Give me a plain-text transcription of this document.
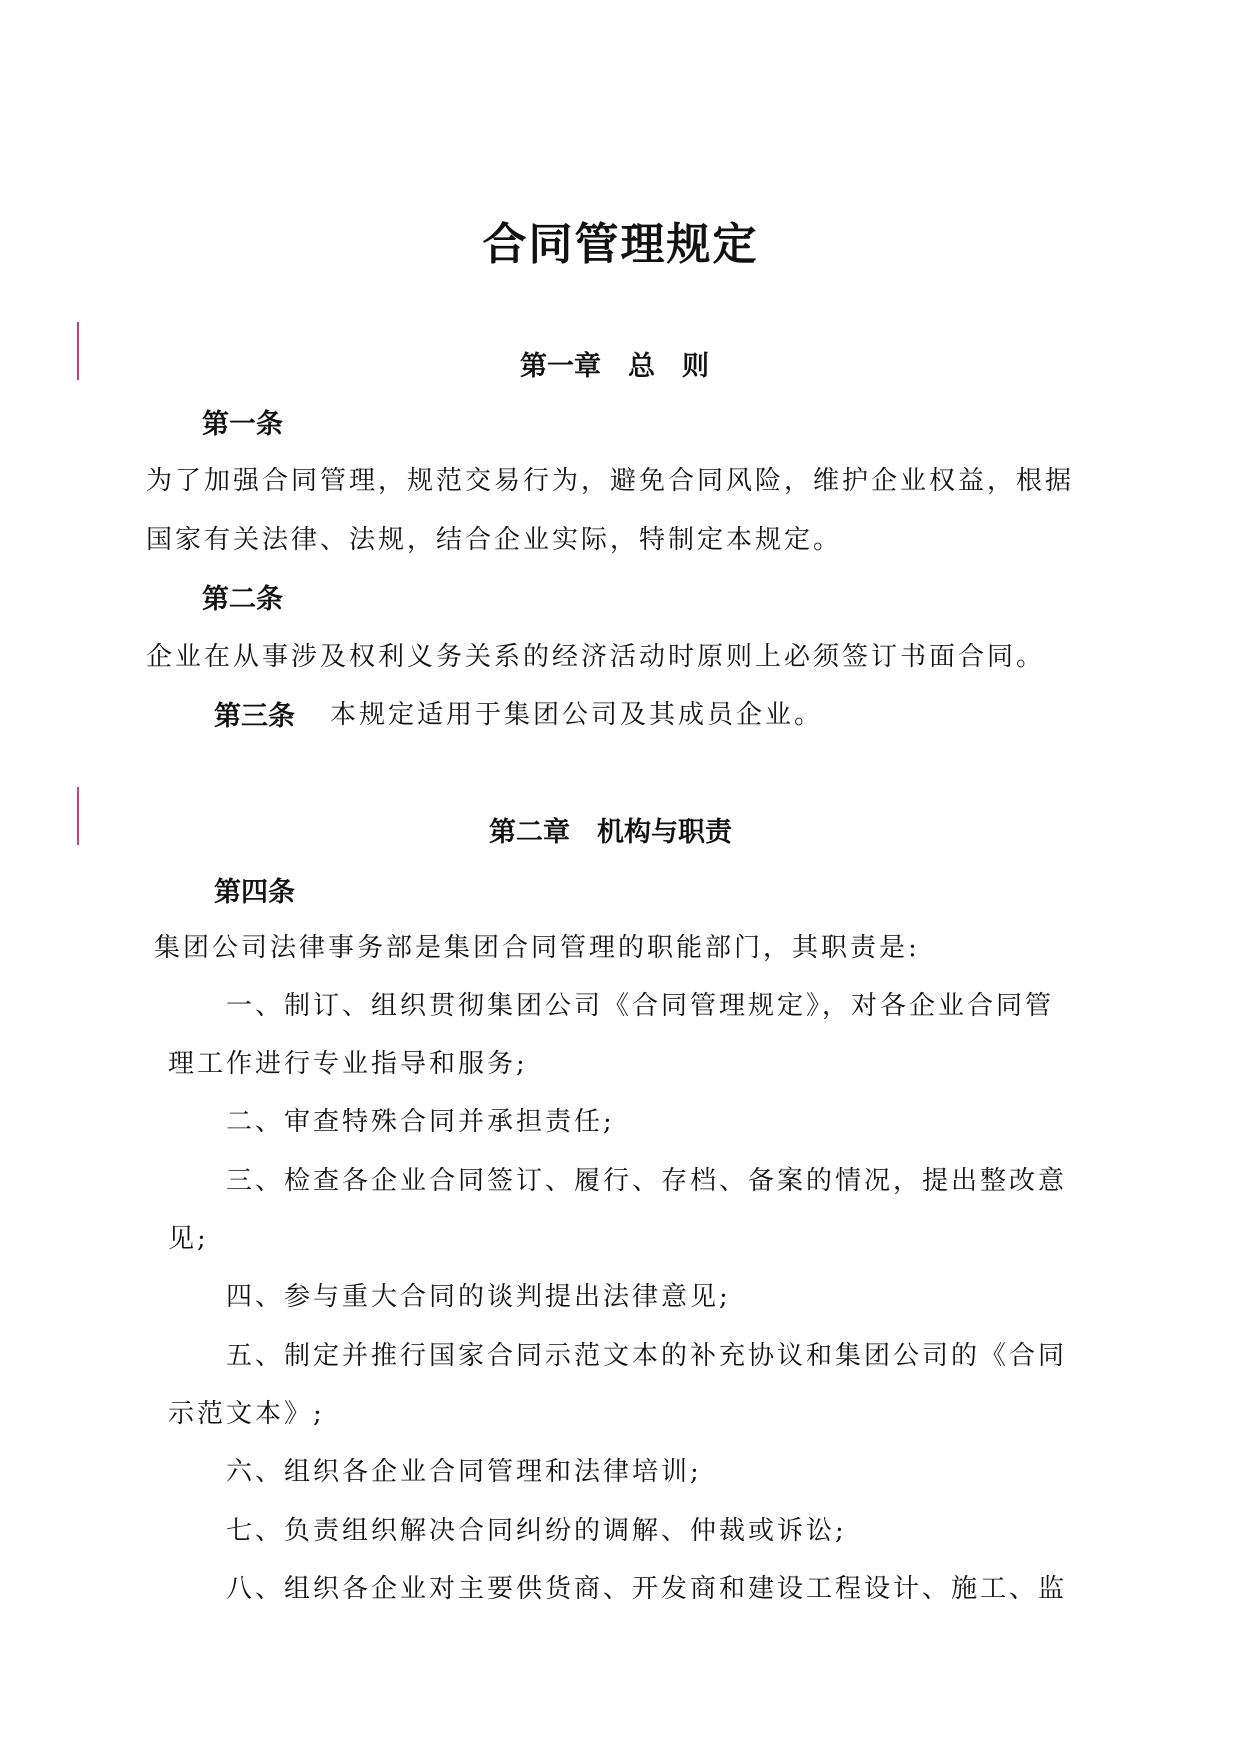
合同管理规定
第一章　总　则
第一条
为了加强合同管理，规范交易行为，避免合同风险，维护企业权益，根据
国家有关法律、法规，结合企业实际，特制定本规定。
第二条
企业在从事涉及权利义务关系的经济活动时原则上必须签订书面合同。
第三条 本规定适用于集团公司及其成员企业。
第二章　机构与职责
第四条
集团公司法律事务部是集团合同管理的职能部门，其职责是:
一、制订、组织贯彻集团公司《合同管理规定》，对各企业合同管
理工作进行专业指导和服务;
二、审查特殊合同并承担责任;
三、检查各企业合同签订、履行、存档、备案的情况，提出整改意
见;
四、参与重大合同的谈判提出法律意见;
五、制定并推行国家合同示范文本的补充协议和集团公司的《合同
示范文本》;
六、组织各企业合同管理和法律培训;
七、负责组织解决合同纠纷的调解、仲裁或诉讼;
八、组织各企业对主要供货商、开发商和建设工程设计、施工、监
